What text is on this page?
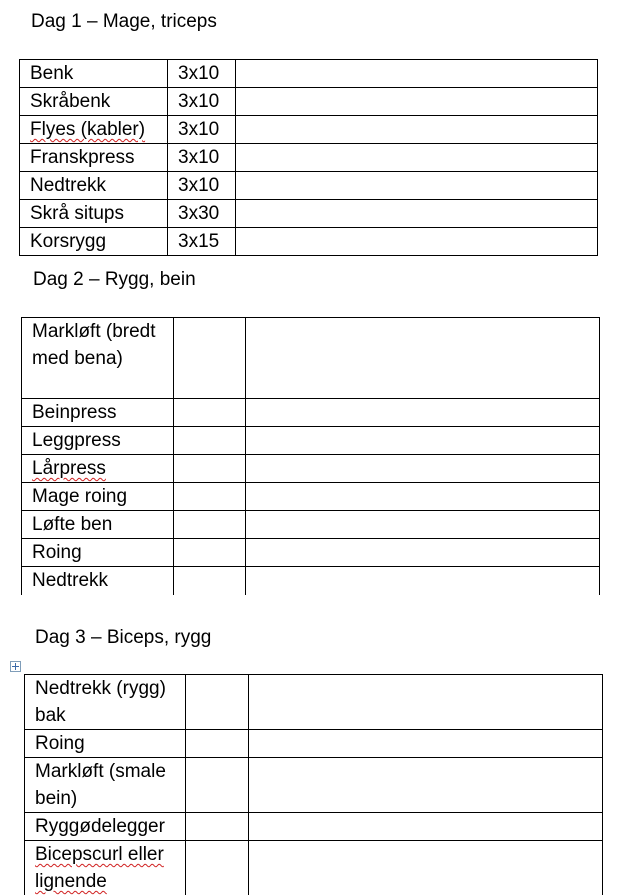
Dag 1 – Mage, triceps
Benk	3x10	
Skråbenk	3x10	
Flyes (kabler)	3x10	
Franskpress	3x10	
Nedtrekk	3x10	
Skrå situps	3x30	
Korsrygg	3x15	
Dag 2 – Rygg, bein
Markløft (bredt med bena)		
Beinpress		
Leggpress		
Lårpress		
Mage roing		
Løfte ben		
Roing		
Nedtrekk		
Dag 3 – Biceps, rygg
Nedtrekk (rygg) bak		
Roing		
Markløft (smale bein)		
Ryggødelegger		
Bicepscurl eller lignende		
